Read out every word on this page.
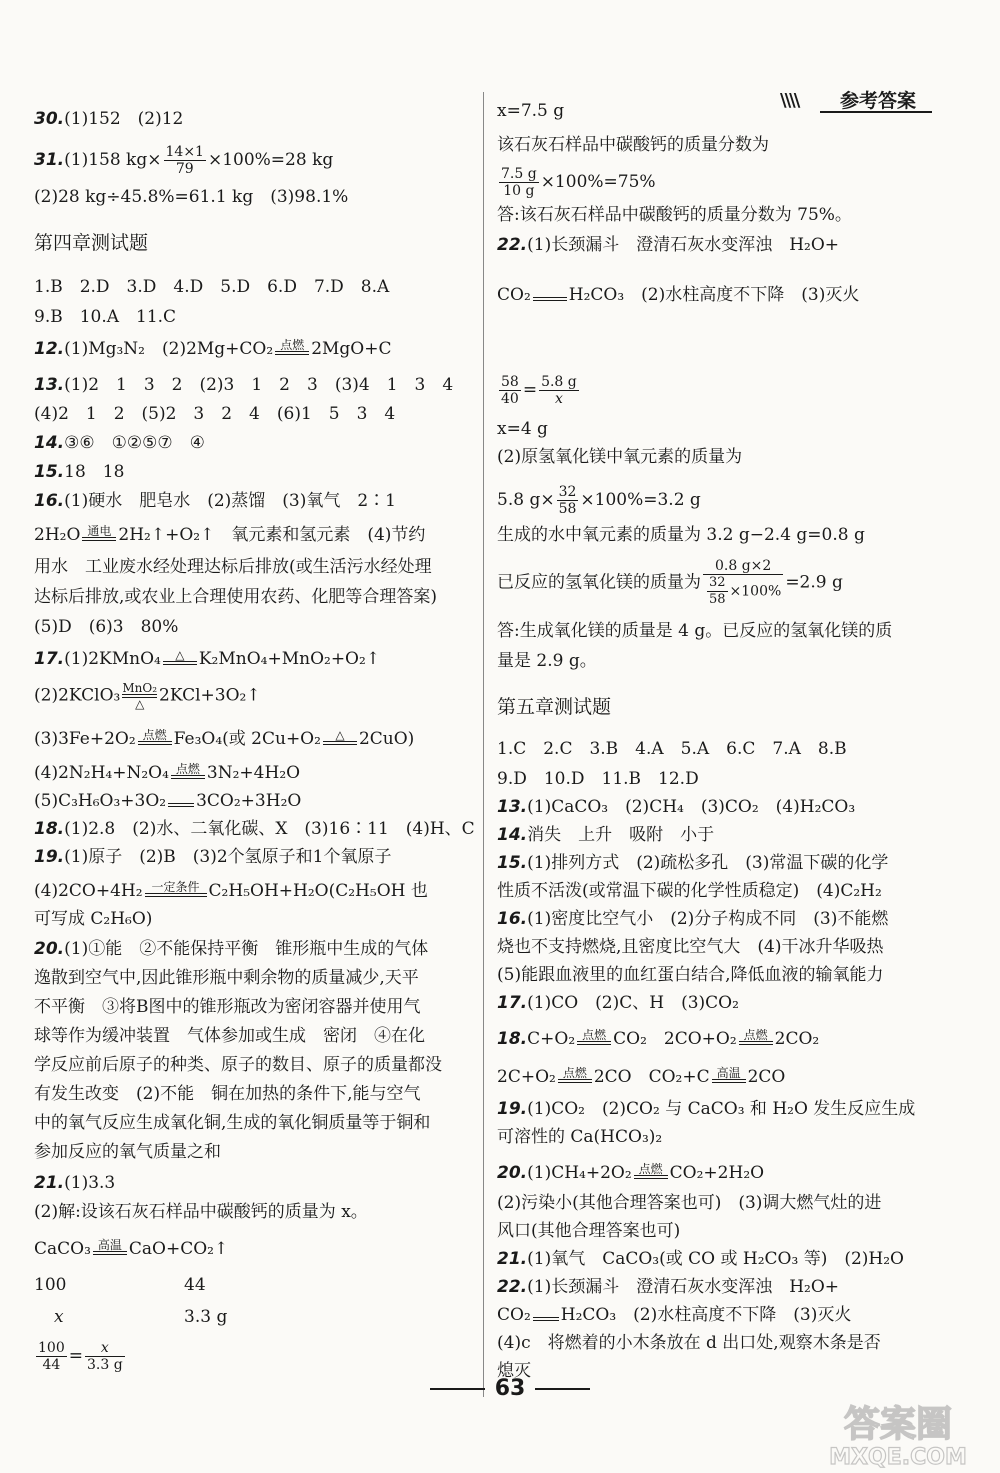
\\\\ 参考答案
30.(1)152　(2)12
31.(1)158 $kg\times \frac{14\times 1}{79} \times 100\%=28$ kg
(2)28 kg÷45.8%=61.1 kg　(3)98.1%
第四章测试题
1.B　2.D　3.D　4.D　5.D　6.D　7.D　8.A
9.B　10.A　11.C
12.(1)Mg₃N₂　(2)2Mg+CO₂ 点燃 2MgO+C
13.(1)2　1　3　2　(2)3　1　2　3　(3)4　1　3　4
(4)2　1　2　(5)2　3　2　4　(6)1　5　3　4
14.③⑥　①②⑤⑦　④
15.18　18
16.(1)硬水　肥皂水　(2)蒸馏　(3)氧气　2∶1
2H₂O 通电 2H₂↑+O₂↑　氧元素和氢元素　(4)节约
用水　工业废水经处理达标后排放(或生活污水经处理
达标后排放,或农业上合理使用农药、化肥等合理答案)
(5)D　(6)3　80%
17.(1)2KMnO₄	△ K₂MnO₄+MnO₂+O₂↑
(2)2KClO₃ MnO₂
△ 2KCl+3O₂↑
(3)3Fe+2O₂ 点燃 Fe₃O₄(或 2Cu+O₂	△ 2CuO)
(4)2N₂H₄+N₂O₄ 点燃 3N₂+4H₂O
(5)C₃H₆O₃+3O₂ 3CO₂+3H₂O
18.(1)2.8　(2)水、二氧化碳、X　(3)16∶11　(4)H、C
19.(1)原子　(2)B　(3)2个氢原子和1个氧原子
(4)2CO+4H₂ 一定条件 C₂H₅OH+H₂O(C₂H₅OH 也
可写成 C₂H₆O)
20.(1)①能　②不能保持平衡　锥形瓶中生成的气体
逸散到空气中,因此锥形瓶中剩余物的质量减少,天平
不平衡　③将B图中的锥形瓶改为密闭容器并使用气
球等作为缓冲装置　气体参加或生成　密闭　④在化
学反应前后原子的种类、原子的数目、原子的质量都没
有发生改变　(2)不能　铜在加热的条件下,能与空气
中的氧气反应生成氧化铜,生成的氧化铜质量等于铜和
参加反应的氧气质量之和
21.(1)3.3
(2)解:设该石灰石样品中碳酸钙的质量为 x。
CaCO₃ 高温 CaO+CO₂↑
100	44
x	3.3 g
$\frac{100}{44} = \frac{x}{3.3 g}$
x=7.5 g
该石灰石样品中碳酸钙的质量分数为
$\frac{7.5 g}{10 g} \times 100\%=75\%$
答:该石灰石样品中碳酸钙的质量分数为 75%。
22.(1)长颈漏斗　澄清石灰水变浑浊　H₂O+
CO₂ H₂CO₃　(2)水柱高度不下降　(3)灭火
$\frac{58}{40} = \frac{5.8 g}{x}$
x=4 g
(2)原氢氧化镁中氧元素的质量为
5.8 $g\times \frac{32}{58} \times 100\%=3.2$ g
生成的水中氧元素的质量为 3.2 g−2.4 g=0.8 g
已反应的氢氧化镁的质量为 $\frac{0.8 g\times 2}{\frac{32}{58} \times 100\%} =2.9$ g
答:生成氧化镁的质量是 4 g。已反应的氢氧化镁的质
量是 2.9 g。
第五章测试题
1.C　2.C　3.B　4.A　5.A　6.C　7.A　8.B
9.D　10.D　11.B　12.D
13.(1)CaCO₃　(2)CH₄　(3)CO₂　(4)H₂CO₃
14.消失　上升　吸附　小于
15.(1)排列方式　(2)疏松多孔　(3)常温下碳的化学
性质不活泼(或常温下碳的化学性质稳定)　(4)C₂H₂
16.(1)密度比空气小　(2)分子构成不同　(3)不能燃
烧也不支持燃烧,且密度比空气大　(4)干冰升华吸热
(5)能跟血液里的血红蛋白结合,降低血液的输氧能力
17.(1)CO　(2)C、H　(3)CO₂
18.C+O₂ 点燃 CO₂　2CO+O₂ 点燃 2CO₂
2C+O₂ 点燃 2CO　CO₂+C 高温 2CO
19.(1)CO₂　(2)CO₂ 与 CaCO₃ 和 H₂O 发生反应生成
可溶性的 Ca(HCO₃)₂
20.(1)CH₄+2O₂ 点燃 CO₂+2H₂O
(2)污染小(其他合理答案也可)　(3)调大燃气灶的进
风口(其他合理答案也可)
21.(1)氧气　CaCO₃(或 CO 或 H₂CO₃ 等)　(2)H₂O
22.(1)长颈漏斗　澄清石灰水变浑浊　H₂O+
CO₂ H₂CO₃　(2)水柱高度不下降　(3)灭火
(4)c　将燃着的小木条放在 d 出口处,观察木条是否
熄灭
63
答案圈
MXQE.COM
